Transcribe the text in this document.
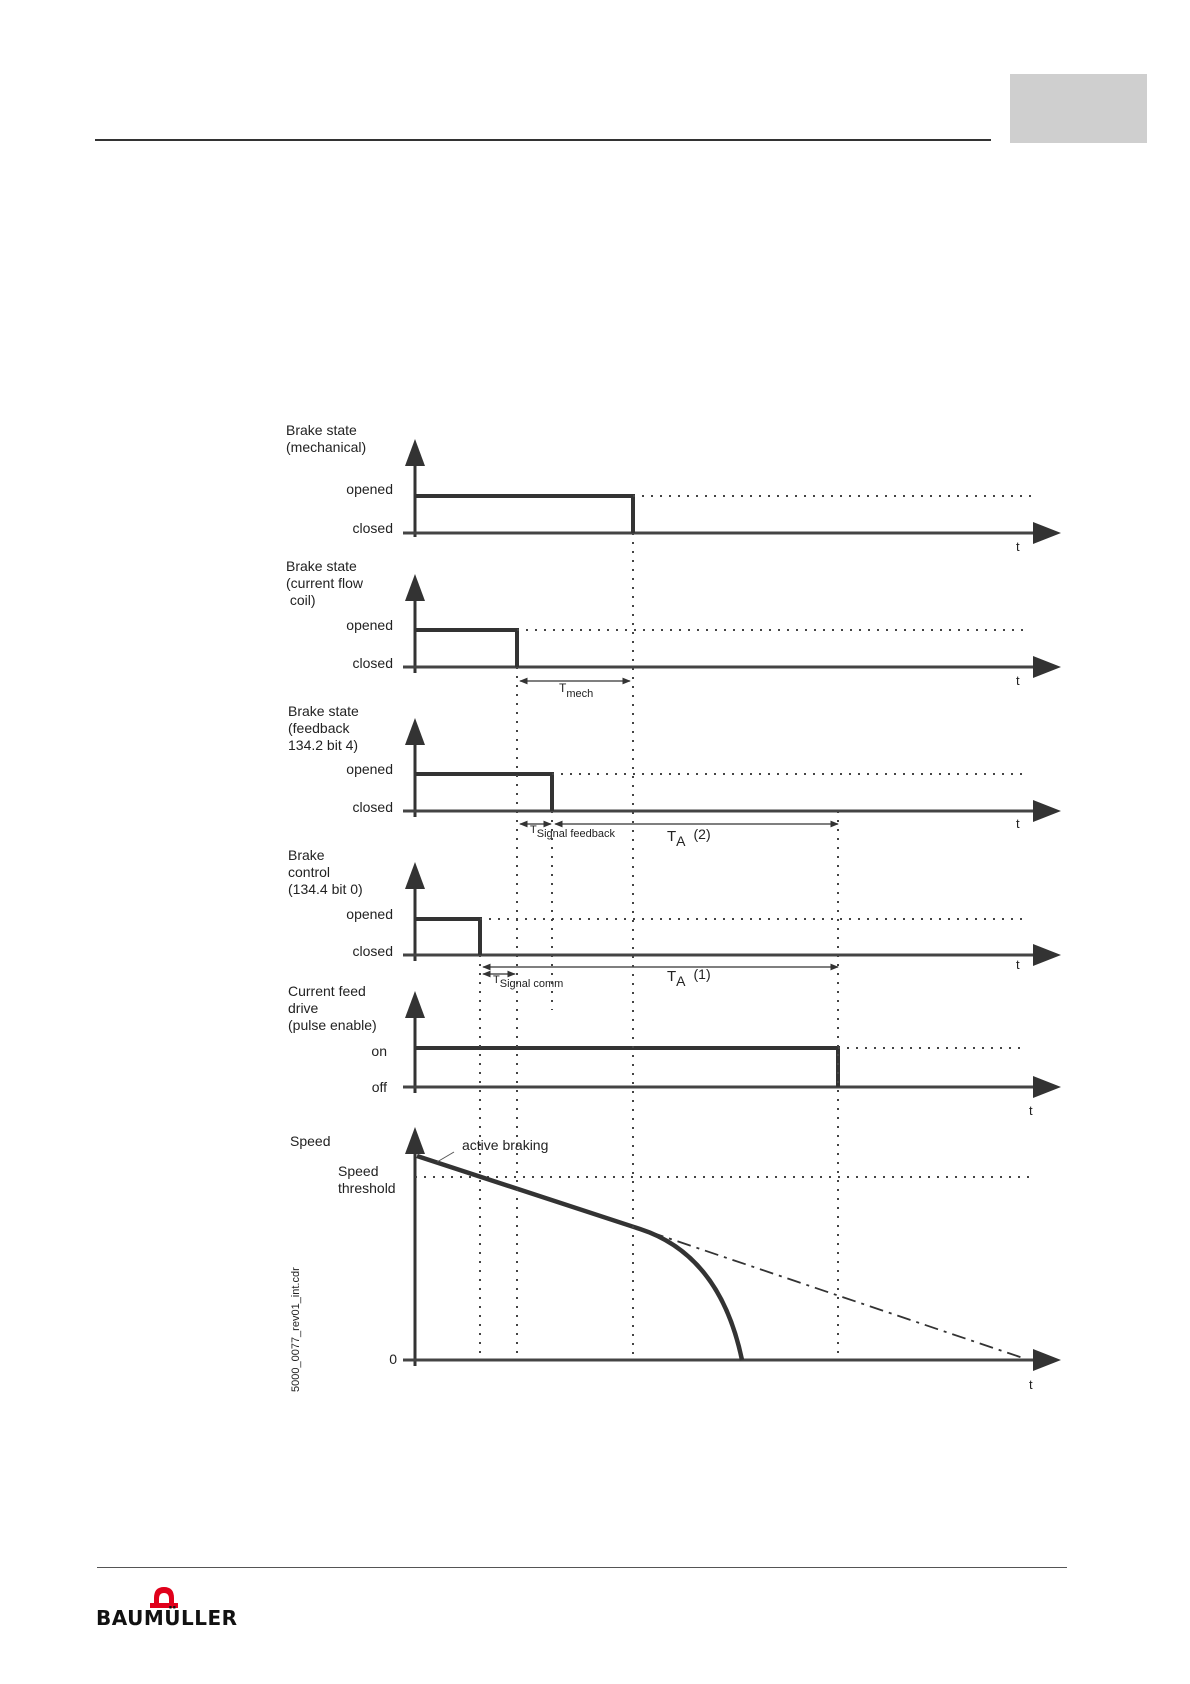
Brake state
(mechanical)
opened
closed
t
Brake state
(current flow
coil)
opened
closed
t
Tmech
Brake state
(feedback
134.2 bit 4)
opened
closed
t
TSignal feedback	TA (2)
Brake
control
(134.4 bit 0)
opened
closed
t
TSignal comm	TA (1)
Current feed
drive
(pulse enable)
on
off
t
Speed
Speed
threshold
active braking
0
t
5000_0077_rev01_int.cdr
BAUMÜLLER
